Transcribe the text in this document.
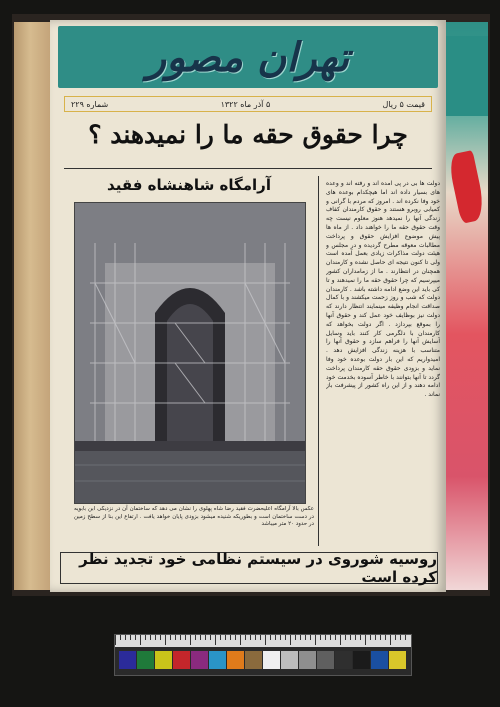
تهران مصور
قیمت ۵ ریال
۵ آذر ماه ۱۳۲۲
شماره ۲۲۹
چرا حقوق حقه ما را نمیدهند ؟
آرامگاه شاهنشاه فقید
عکس بالا آرامگاه اعلیحضرت فقید رضا شاه پهلوی را نشان می دهد که ساختمان آن در نزدیکی ابن بابویه در دست ساختمان است و بطوریکه شنیده میشود بزودی پایان خواهد یافت . ارتفاع این بنا از سطح زمین در حدود ۲۰ متر میباشد
دولت ها بی در پی آمده اند و رفته اند و وعده های بسیار داده اند اما هیچکدام بوعده های خود وفا نکرده اند . امروز که مردم با گرانی و کمیابی روبرو هستند و حقوق کارمندان کفاف زندگی آنها را نمیدهد هنوز معلوم نیست چه وقت حقوق حقه ما را خواهند داد . از ماه ها پیش موضوع افزایش حقوق و پرداخت مطالبات معوقه مطرح گردیده و در مجلس و هیئت دولت مذاکرات زیادی بعمل آمده است ولی تا کنون نتیجه ای حاصل نشده و کارمندان همچنان در انتظارند . ما از زمامداران کشور میپرسیم که چرا حقوق حقه ما را نمیدهند و تا کی باید این وضع ادامه داشته باشد . کارمندان دولت که شب و روز زحمت میکشند و با کمال صداقت انجام وظیفه مینمایند انتظار دارند که دولت نیز بوظایف خود عمل کند و حقوق آنها را بموقع بپردازد . اگر دولت بخواهد که کارمندان با دلگرمی کار کنند باید وسایل آسایش آنها را فراهم سازد و حقوق آنها را متناسب با هزینه زندگی افزایش دهد . امیدواریم که این بار دولت بوعده خود وفا نماید و بزودی حقوق حقه کارمندان پرداخت گردد تا آنها بتوانند با خاطر آسوده بخدمت خود ادامه دهند و از این راه کشور از پیشرفت باز نماند .
روسیه شوروی در سیستم نظامی خود تجدید نظر کرده است
